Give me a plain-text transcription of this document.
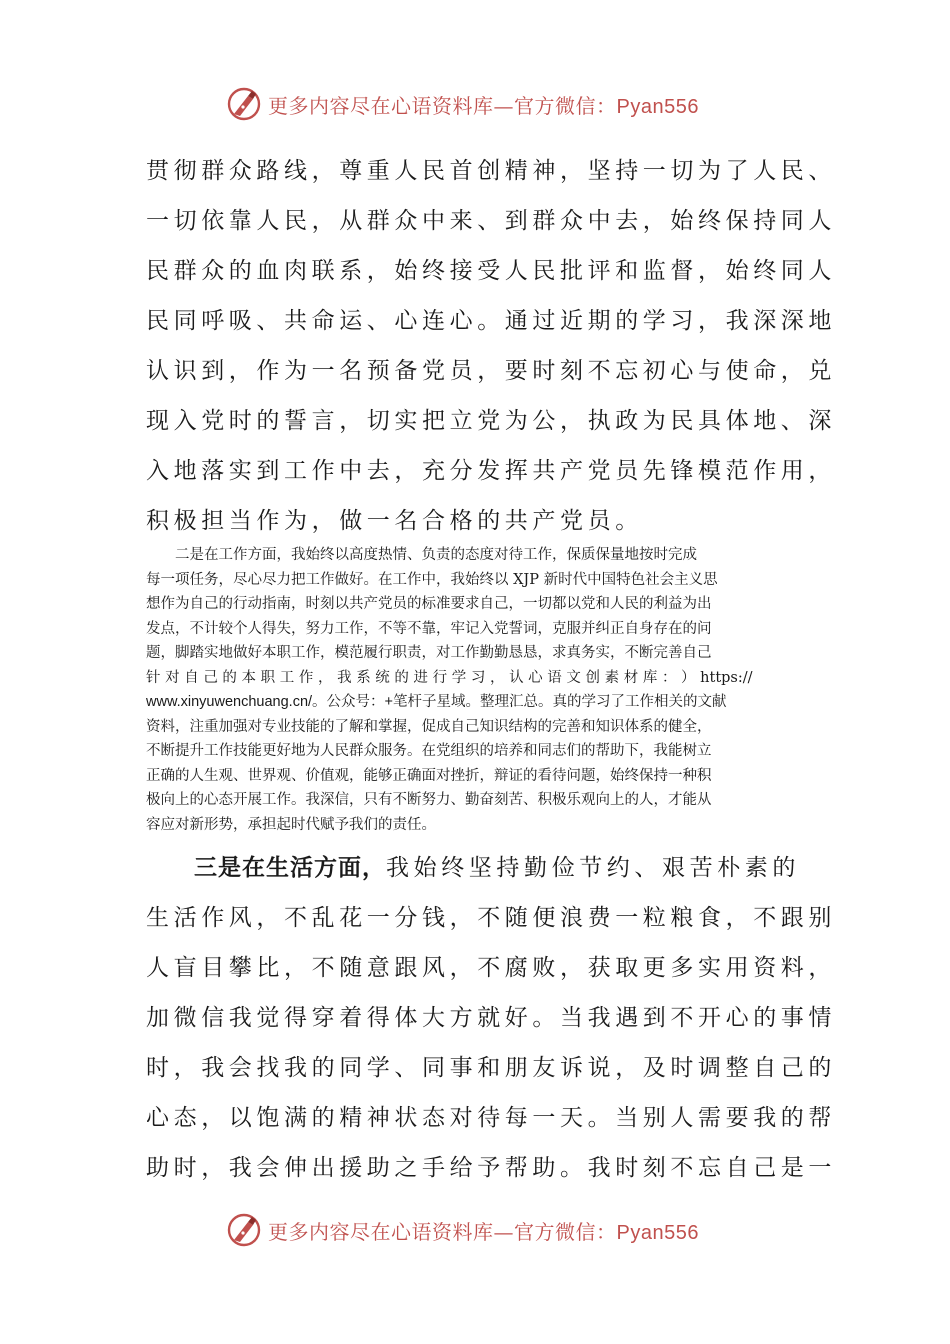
更多内容尽在心语资料库—官方微信：Pyan556
贯彻群众路线，尊重人民首创精神，坚持一切为了人民、
一切依靠人民，从群众中来、到群众中去，始终保持同人
民群众的血肉联系，始终接受人民批评和监督，始终同人
民同呼吸、共命运、心连心。通过近期的学习，我深深地
认识到，作为一名预备党员，要时刻不忘初心与使命，兑
现入党时的誓言，切实把立党为公，执政为民具体地、深
入地落实到工作中去，充分发挥共产党员先锋模范作用，
积极担当作为，做一名合格的共产党员。
　　二是在工作方面，我始终以高度热情、负责的态度对待工作，保质保量地按时完成
每一项任务，尽心尽力把工作做好。在工作中，我始终以 XJP 新时代中国特色社会主义思
想作为自己的行动指南，时刻以共产党员的标准要求自己，一切都以党和人民的利益为出
发点，不计较个人得失，努力工作，不等不靠，牢记入党誓词，克服并纠正自身存在的问
题，脚踏实地做好本职工作，模范履行职责，对工作勤勤恳恳，求真务实，不断完善自己
针 对 自 己 的 本 职 工 作 ， 我 系 统 的 进 行 学 习 ， 认 心 语 文 创 素 材 库 ： ） https://
www.xinyuwenchuang.cn/。公众号：+笔杆子星域。整理汇总。真的学习了工作相关的文献
资料，注重加强对专业技能的了解和掌握，促成自己知识结构的完善和知识体系的健全，
不断提升工作技能更好地为人民群众服务。在党组织的培养和同志们的帮助下，我能树立
正确的人生观、世界观、价值观，能够正确面对挫折，辩证的看待问题，始终保持一种积
极向上的心态开展工作。我深信，只有不断努力、勤奋刻苦、积极乐观向上的人，才能从
容应对新形势，承担起时代赋予我们的责任。
三是在生活方面，我始终坚持勤俭节约、艰苦朴素的
生活作风，不乱花一分钱，不随便浪费一粒粮食，不跟别
人盲目攀比，不随意跟风，不腐败，获取更多实用资料，
加微信我觉得穿着得体大方就好。当我遇到不开心的事情
时，我会找我的同学、同事和朋友诉说，及时调整自己的
心态，以饱满的精神状态对待每一天。当别人需要我的帮
助时，我会伸出援助之手给予帮助。我时刻不忘自己是一
更多内容尽在心语资料库—官方微信：Pyan556
